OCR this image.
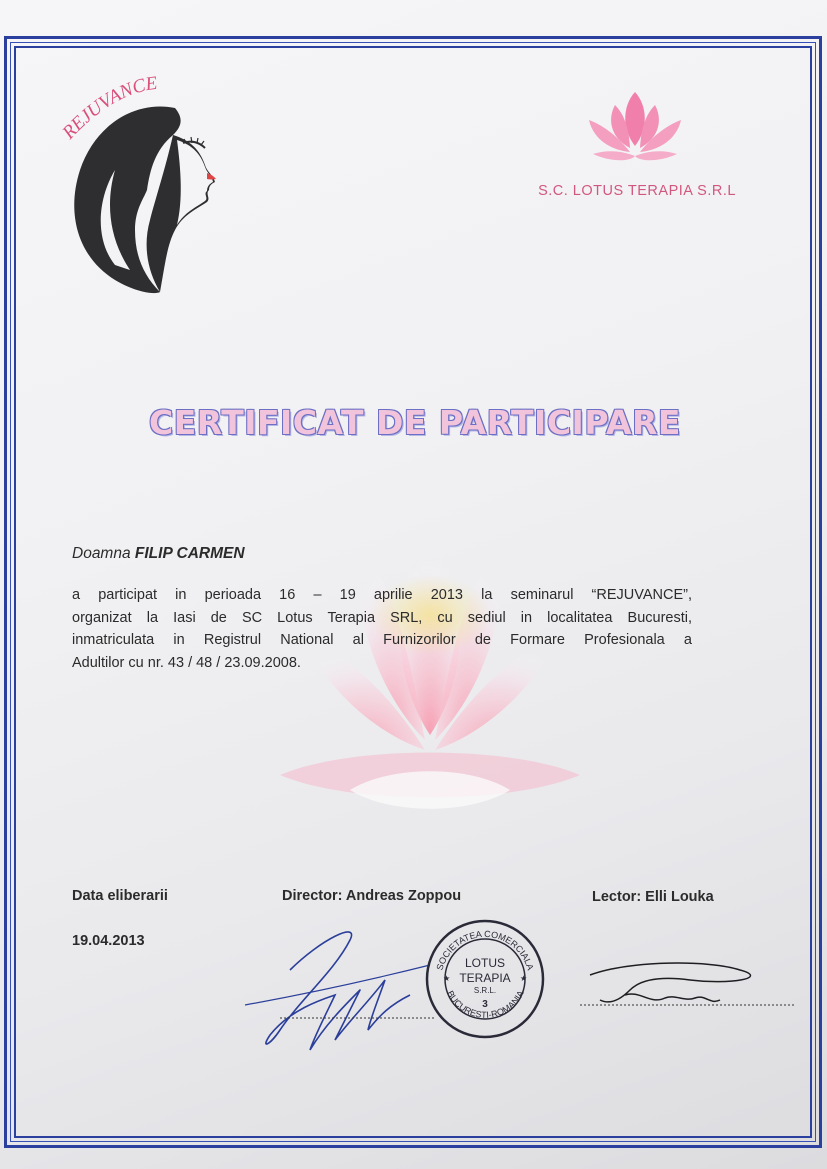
REJUVANCE
S.C. LOTUS TERAPIA S.R.L
CERTIFICAT DE PARTICIPARE
Doamna FILIP CARMEN

a participat in perioada 16 – 19 aprilie 2013 la seminarul “REJUVANCE”,

organizat la Iasi de SC Lotus Terapia SRL, cu sediul in localitatea Bucuresti,

inmatriculata in Registrul National al Furnizorilor de Formare Profesionala a

Adultilor cu nr. 43 / 48 / 23.09.2008.

Data eliberarii
19.04.2013
Director: Andreas Zoppou	Lector: Elli Louka
SOCIETATEA COMERCIALA
BUCURESTI-ROMANIA
LOTUS
TERAPIA
S.R.L.
3
★	★
